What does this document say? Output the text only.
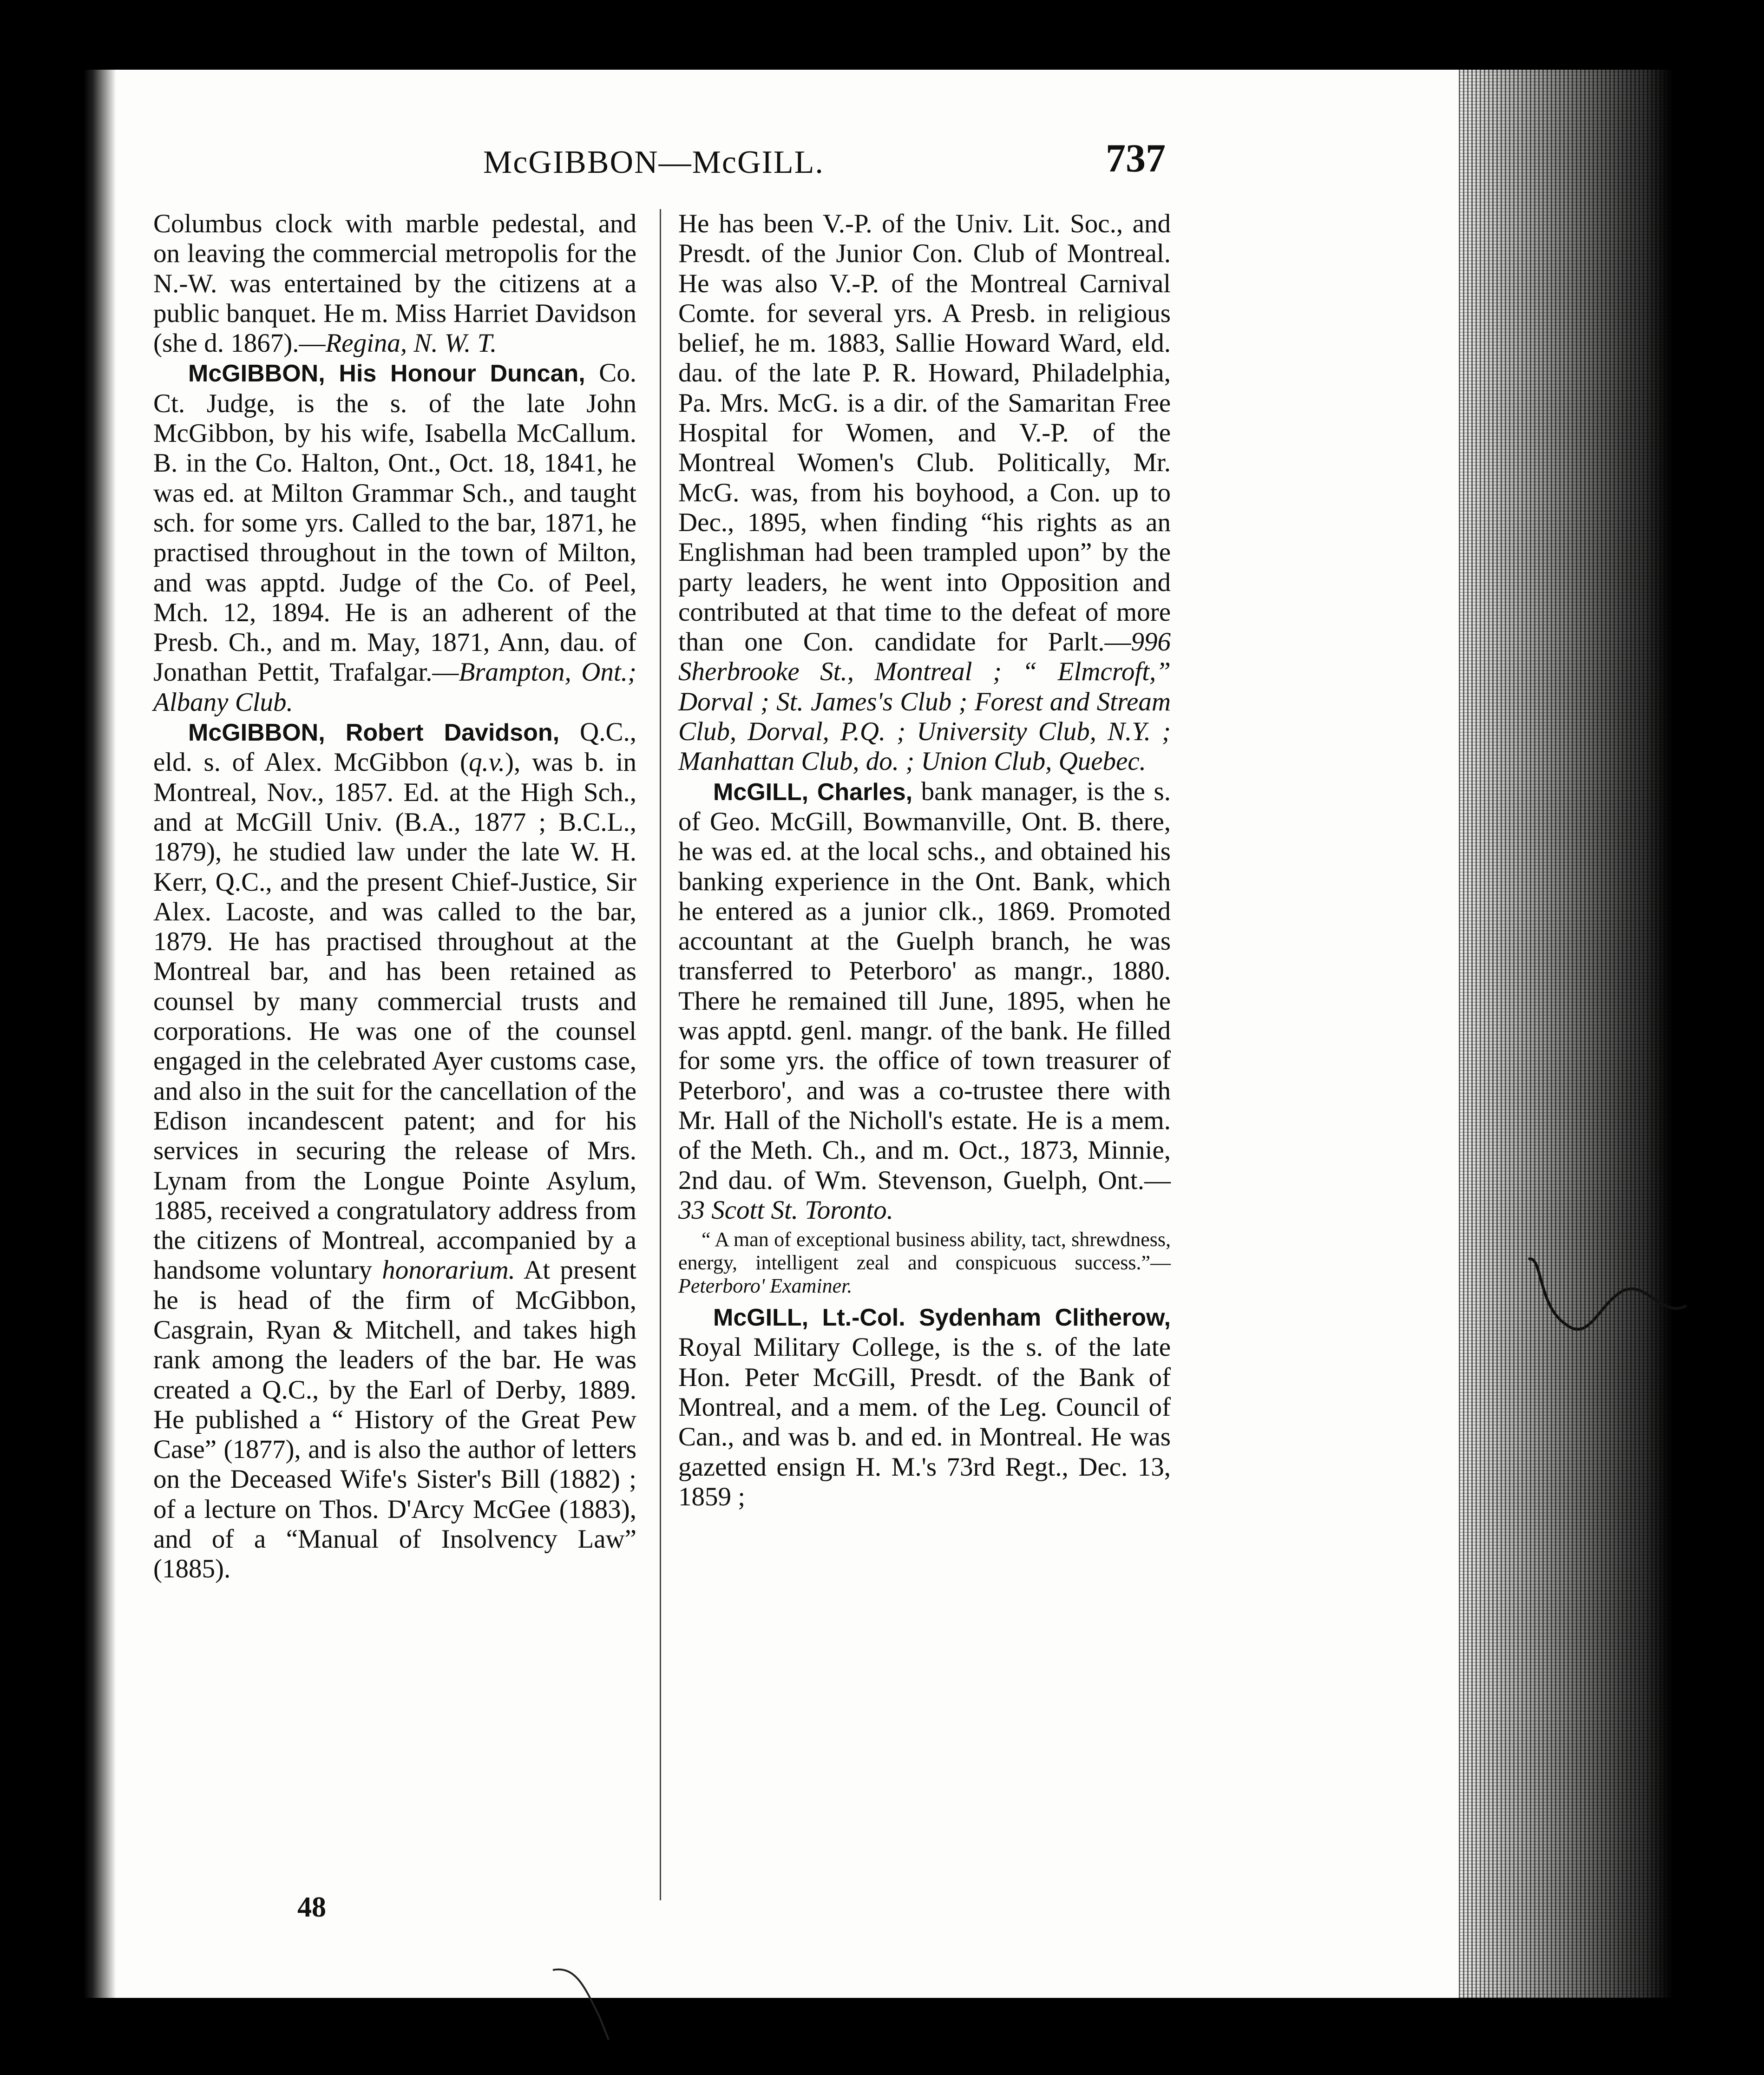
McGIBBON—McGILL.	737

Columbus clock with marble pedestal, and on leaving the commercial metropolis for the N.-W. was entertained by the citizens at a public banquet. He m. Miss Harriet Davidson (she d. 1867).—Regina, N. W. T.

McGIBBON, His Honour Duncan, Co. Ct. Judge, is the s. of the late John McGibbon, by his wife, Isabella McCallum. B. in the Co. Halton, Ont., Oct. 18, 1841, he was ed. at Milton Grammar Sch., and taught sch. for some yrs. Called to the bar, 1871, he practised throughout in the town of Milton, and was apptd. Judge of the Co. of Peel, Mch. 12, 1894. He is an adherent of the Presb. Ch., and m. May, 1871, Ann, dau. of Jonathan Pettit, Trafalgar.—Brampton, Ont.; Albany Club.

McGIBBON, Robert Davidson, Q.C., eld. s. of Alex. McGibbon (q.v.), was b. in Montreal, Nov., 1857. Ed. at the High Sch., and at McGill Univ. (B.A., 1877 ; B.C.L., 1879), he studied law under the late W. H. Kerr, Q.C., and the present Chief-Justice, Sir Alex. Lacoste, and was called to the bar, 1879. He has practised throughout at the Montreal bar, and has been retained as counsel by many commercial trusts and corporations. He was one of the counsel engaged in the celebrated Ayer customs case, and also in the suit for the cancellation of the Edison incandescent patent; and for his services in securing the release of Mrs. Lynam from the Longue Pointe Asylum, 1885, received a congratulatory address from the citizens of Montreal, accompanied by a handsome voluntary honorarium. At present he is head of the firm of McGibbon, Casgrain, Ryan & Mitchell, and takes high rank among the leaders of the bar. He was created a Q.C., by the Earl of Derby, 1889. He published a “ History of the Great Pew Case” (1877), and is also the author of letters on the Deceased Wife's Sister's Bill (1882) ; of a lecture on Thos. D'Arcy McGee (1883), and of a “Manual of Insolvency Law” (1885).

He has been V.-P. of the Univ. Lit. Soc., and Presdt. of the Junior Con. Club of Montreal. He was also V.-P. of the Montreal Carnival Comte. for several yrs. A Presb. in religious belief, he m. 1883, Sallie Howard Ward, eld. dau. of the late P. R. Howard, Philadelphia, Pa. Mrs. McG. is a dir. of the Samaritan Free Hospital for Women, and V.-P. of the Montreal Women's Club. Politically, Mr. McG. was, from his boyhood, a Con. up to Dec., 1895, when finding “his rights as an Englishman had been trampled upon” by the party leaders, he went into Opposition and contributed at that time to the defeat of more than one Con. candidate for Parlt.—996 Sherbrooke St., Montreal ; “ Elmcroft,” Dorval ; St. James's Club ; Forest and Stream Club, Dorval, P.Q. ; University Club, N.Y. ; Manhattan Club, do. ; Union Club, Quebec.

McGILL, Charles, bank manager, is the s. of Geo. McGill, Bowmanville, Ont. B. there, he was ed. at the local schs., and obtained his banking experience in the Ont. Bank, which he entered as a junior clk., 1869. Promoted accountant at the Guelph branch, he was transferred to Peterboro' as mangr., 1880. There he remained till June, 1895, when he was apptd. genl. mangr. of the bank. He filled for some yrs. the office of town treasurer of Peterboro', and was a co-trustee there with Mr. Hall of the Nicholl's estate. He is a mem. of the Meth. Ch., and m. Oct., 1873, Minnie, 2nd dau. of Wm. Stevenson, Guelph, Ont.—33 Scott St. Toronto.

“ A man of exceptional business ability, tact, shrewdness, energy, intelligent zeal and conspicuous success.”—Peterboro' Examiner.

McGILL, Lt.-Col. Sydenham Clitherow, Royal Military College, is the s. of the late Hon. Peter McGill, Presdt. of the Bank of Montreal, and a mem. of the Leg. Council of Can., and was b. and ed. in Montreal. He was gazetted ensign H. M.'s 73rd Regt., Dec. 13, 1859 ;

48
